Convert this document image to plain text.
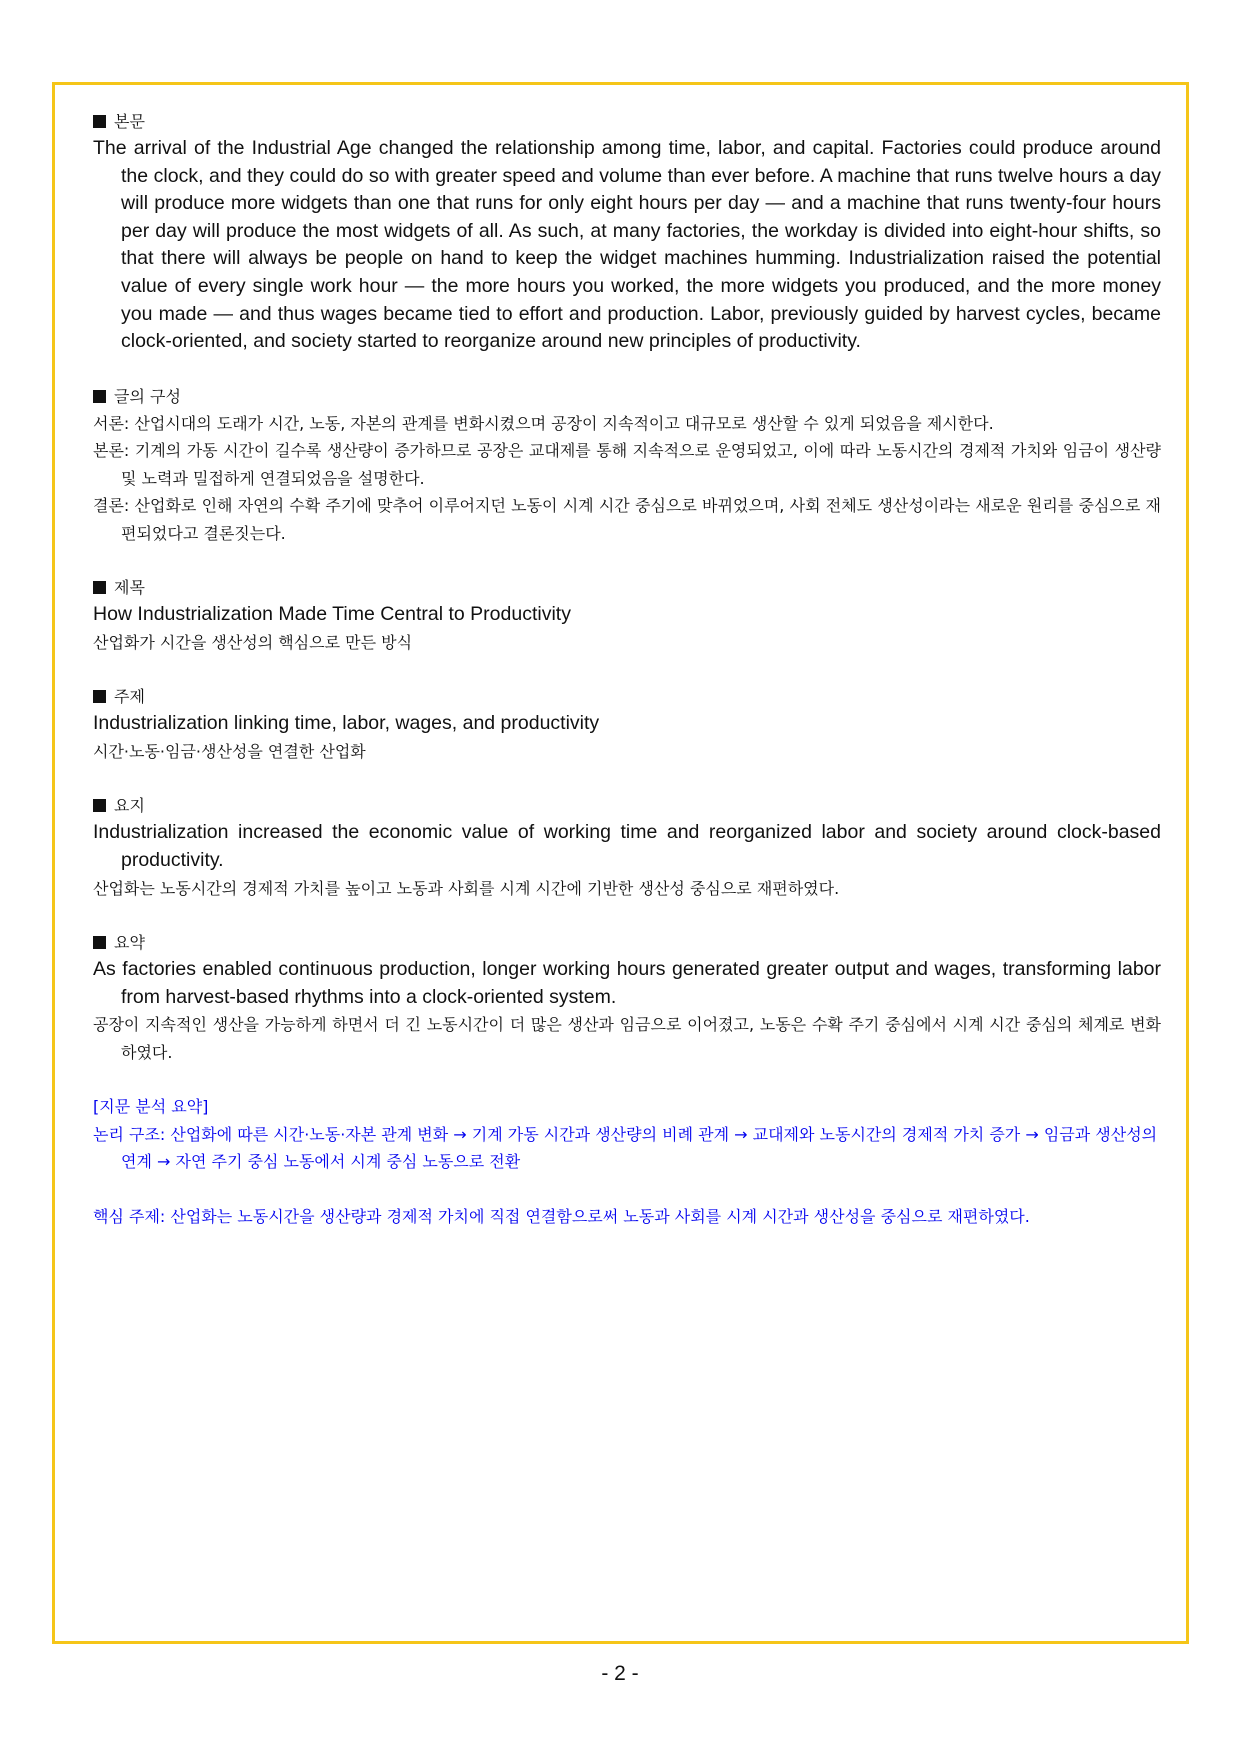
본문

The arrival of the Industrial Age changed the relationship among time, labor, and capital. Factories could produce around the clock, and they could do so with greater speed and volume than ever before. A machine that runs twelve hours a day will produce more widgets than one that runs for only eight hours per day — and a machine that runs twenty-four hours per day will produce the most widgets of all. As such, at many factories, the workday is divided into eight-hour shifts, so that there will always be people on hand to keep the widget machines humming. Industrialization raised the potential value of every single work hour — the more hours you worked, the more widgets you produced, and the more money you made — and thus wages became tied to effort and production. Labor, previously guided by harvest cycles, became clock-oriented, and society started to reorganize around new principles of productivity.

글의 구성

서론: 산업시대의 도래가 시간, 노동, 자본의 관계를 변화시켰으며 공장이 지속적이고 대규모로 생산할 수 있게 되었음을 제시한다.

본론: 기계의 가동 시간이 길수록 생산량이 증가하므로 공장은 교대제를 통해 지속적으로 운영되었고, 이에 따라 노동시간의 경제적 가치와 임금이 생산량 및 노력과 밀접하게 연결되었음을 설명한다.

결론: 산업화로 인해 자연의 수확 주기에 맞추어 이루어지던 노동이 시계 시간 중심으로 바뀌었으며, 사회 전체도 생산성이라는 새로운 원리를 중심으로 재편되었다고 결론짓는다.

제목

How Industrialization Made Time Central to Productivity

산업화가 시간을 생산성의 핵심으로 만든 방식

주제

Industrialization linking time, labor, wages, and productivity

시간·노동·임금·생산성을 연결한 산업화

요지

Industrialization increased the economic value of working time and reorganized labor and society around clock-based productivity.

산업화는 노동시간의 경제적 가치를 높이고 노동과 사회를 시계 시간에 기반한 생산성 중심으로 재편하였다.

요약

As factories enabled continuous production, longer working hours generated greater output and wages, transforming labor from harvest-based rhythms into a clock-oriented system.

공장이 지속적인 생산을 가능하게 하면서 더 긴 노동시간이 더 많은 생산과 임금으로 이어졌고, 노동은 수확 주기 중심에서 시계 시간 중심의 체계로 변화하였다.

[지문 분석 요약]

논리 구조: 산업화에 따른 시간·노동·자본 관계 변화 → 기계 가동 시간과 생산량의 비례 관계 → 교대제와 노동시간의 경제적 가치 증가 → 임금과 생산성의 연계 → 자연 주기 중심 노동에서 시계 중심 노동으로 전환

핵심 주제: 산업화는 노동시간을 생산량과 경제적 가치에 직접 연결함으로써 노동과 사회를 시계 시간과 생산성을 중심으로 재편하였다.

- 2 -
